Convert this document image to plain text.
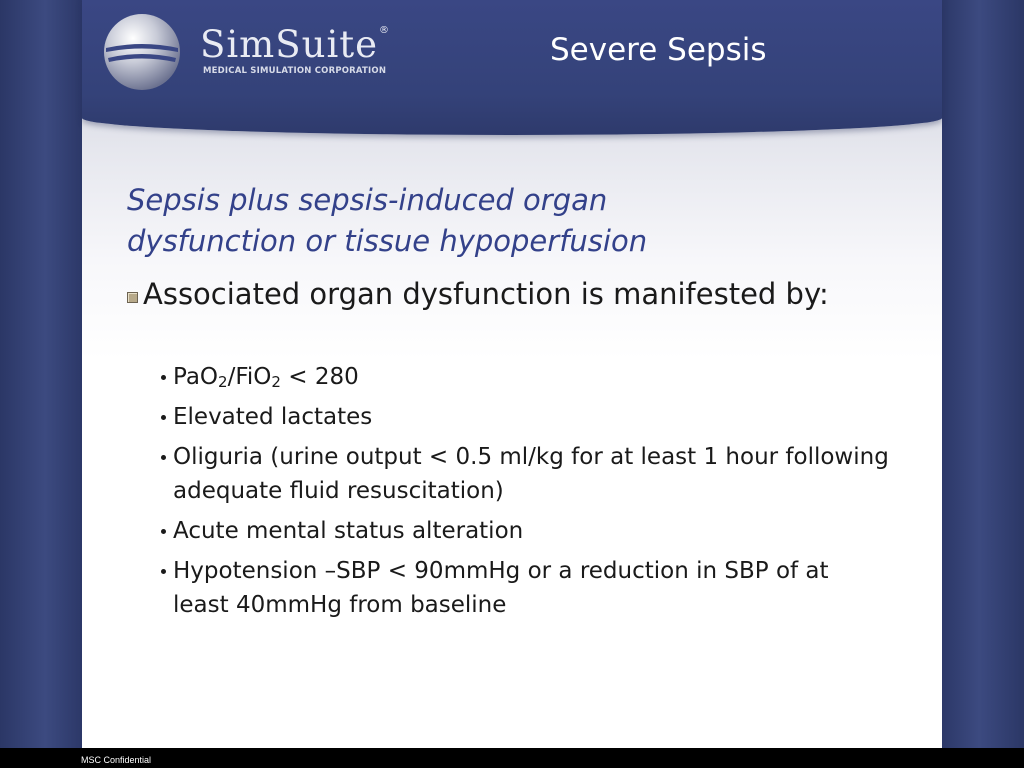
SimSuite®
MEDICAL SIMULATION CORPORATION
Severe Sepsis
Sepsis plus sepsis-induced organ
dysfunction or tissue hypoperfusion
Associated organ dysfunction is manifested by:
PaO$_2$/FiO$_2$ < 280
Elevated lactates
Oliguria (urine output < 0.5 ml/kg for at least 1 hour following adequate fluid resuscitation)
Acute mental status alteration
Hypotension –SBP < 90mmHg or a reduction in SBP of at least 40mmHg from baseline
MSC Confidential
